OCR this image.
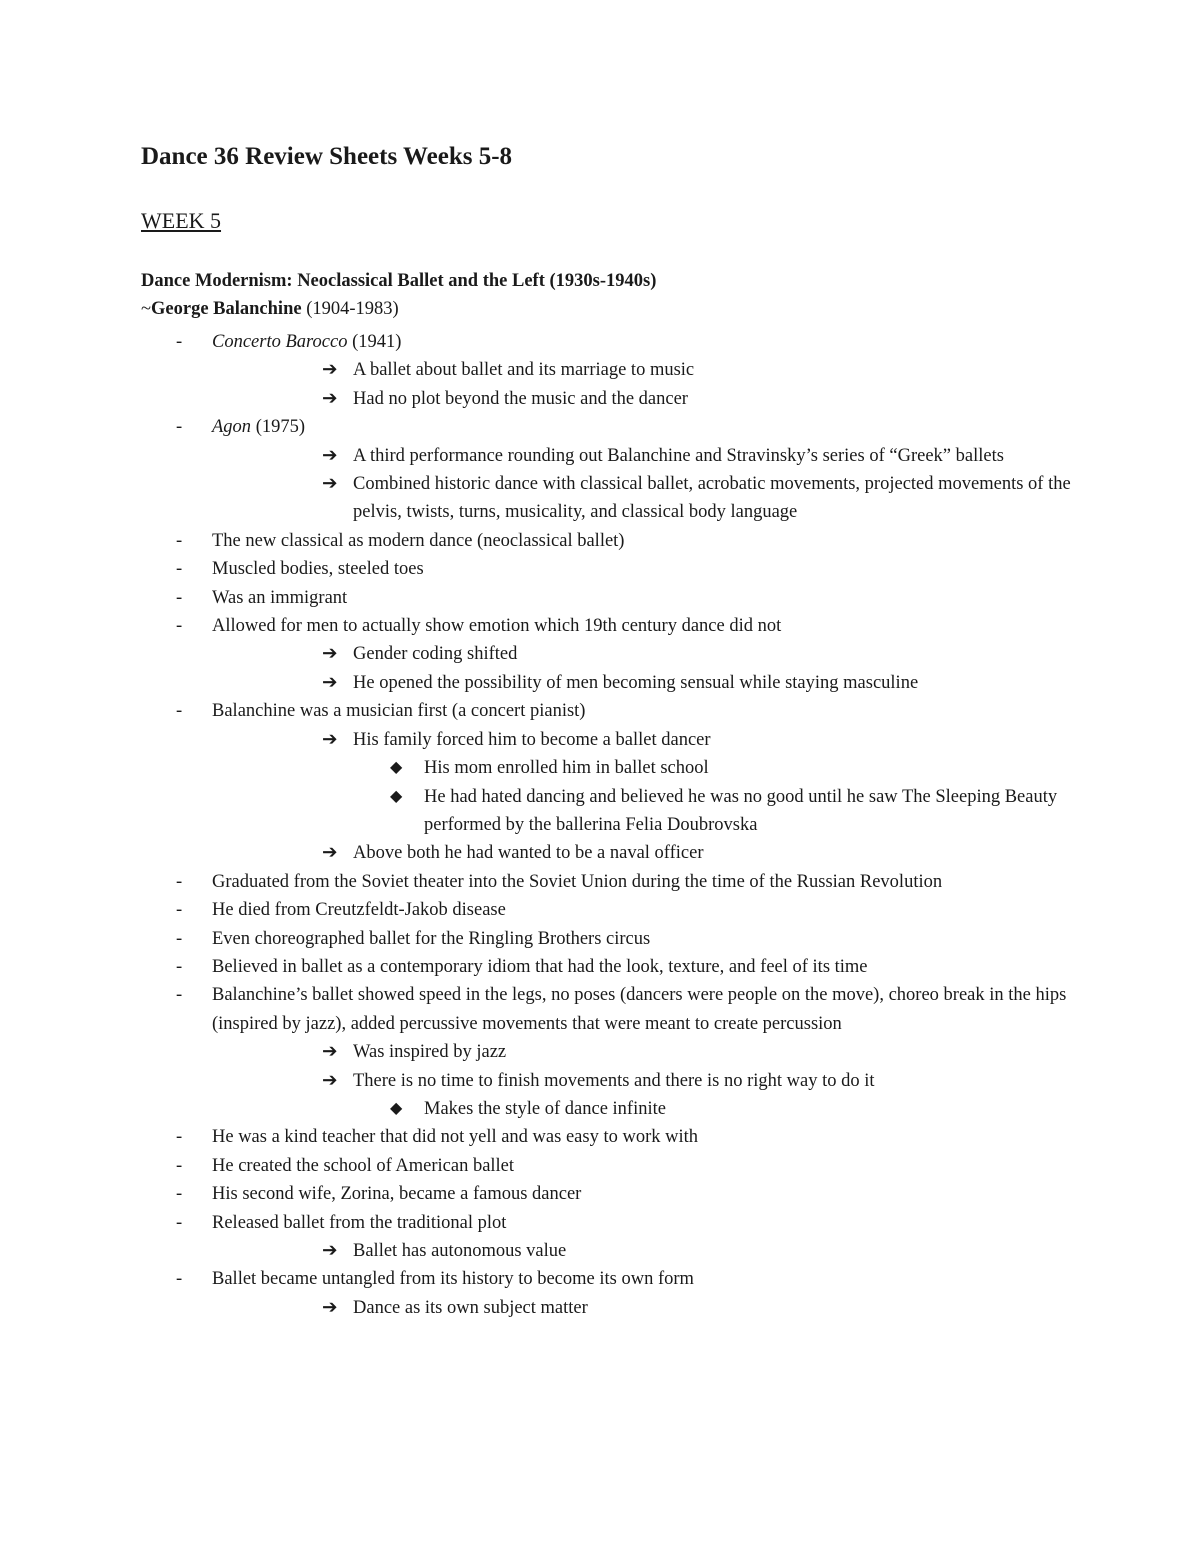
Dance 36 Review Sheets Weeks 5-8
WEEK 5
Dance Modernism: Neoclassical Ballet and the Left (1930s-1940s)
~George Balanchine (1904-1983)
- Concerto Barocco (1941)
➔ A ballet about ballet and its marriage to music
➔ Had no plot beyond the music and the dancer
- Agon (1975)
➔ A third performance rounding out Balanchine and Stravinsky’s series of “Greek” ballets
➔ Combined historic dance with classical ballet, acrobatic movements, projected movements of the pelvis, twists, turns, musicality, and classical body language
- The new classical as modern dance (neoclassical ballet)
- Muscled bodies, steeled toes
- Was an immigrant
- Allowed for men to actually show emotion which 19th century dance did not
➔ Gender coding shifted
➔ He opened the possibility of men becoming sensual while staying masculine
- Balanchine was a musician first (a concert pianist)
➔ His family forced him to become a ballet dancer
◆ His mom enrolled him in ballet school
◆ He had hated dancing and believed he was no good until he saw The Sleeping Beauty performed by the ballerina Felia Doubrovska
➔ Above both he had wanted to be a naval officer
- Graduated from the Soviet theater into the Soviet Union during the time of the Russian Revolution
- He died from Creutzfeldt-Jakob disease
- Even choreographed ballet for the Ringling Brothers circus
- Believed in ballet as a contemporary idiom that had the look, texture, and feel of its time
- Balanchine’s ballet showed speed in the legs, no poses (dancers were people on the move), choreo break in the hips (inspired by jazz), added percussive movements that were meant to create percussion
➔ Was inspired by jazz
➔ There is no time to finish movements and there is no right way to do it
◆ Makes the style of dance infinite
- He was a kind teacher that did not yell and was easy to work with
- He created the school of American ballet
- His second wife, Zorina, became a famous dancer
- Released ballet from the traditional plot
➔ Ballet has autonomous value
- Ballet became untangled from its history to become its own form
➔ Dance as its own subject matter
